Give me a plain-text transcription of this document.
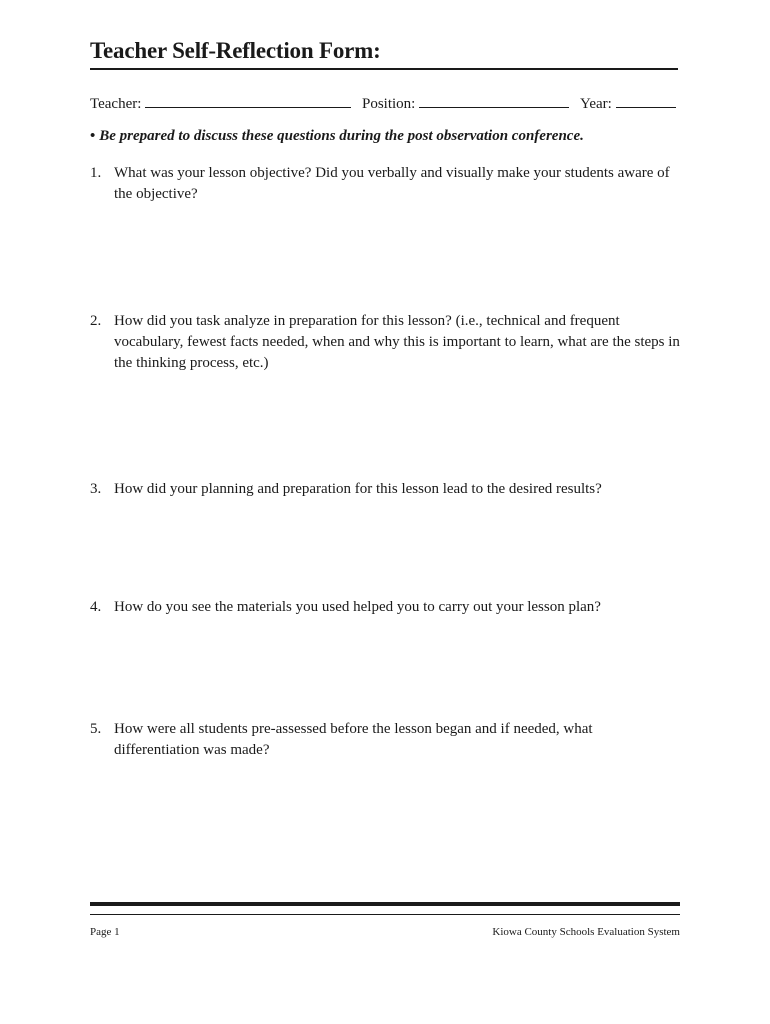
Teacher Self-Reflection Form:
Teacher:	Position:	Year:
• Be prepared to discuss these questions during the post observation conference.
1. What was your lesson objective? Did you verbally and visually make your students aware of the objective?
2. How did you task analyze in preparation for this lesson? (i.e., technical and frequent vocabulary, fewest facts needed, when and why this is important to learn, what are the steps in the thinking process, etc.)
3. How did your planning and preparation for this lesson lead to the desired results?
4. How do you see the materials you used helped you to carry out your lesson plan?
5. How were all students pre-assessed before the lesson began and if needed, what differentiation was made?
Page 1	Kiowa County Schools Evaluation System
